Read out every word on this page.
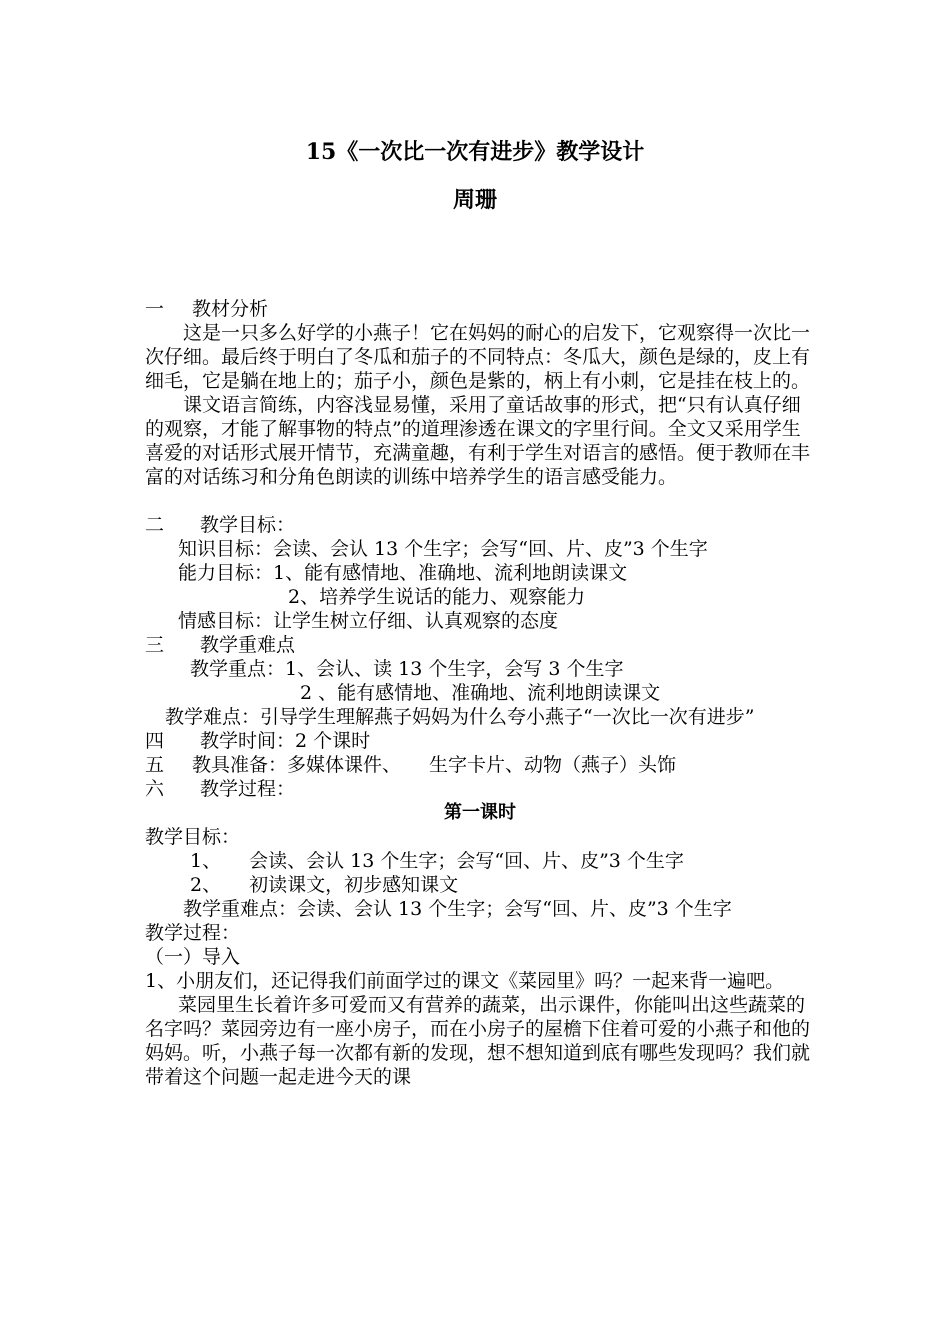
15《一次比一次有进步》教学设计
周珊

一 教材分析

这是一只多么好学的小燕子！它在妈妈的耐心的启发下，它观察得一次比一次仔细。最后终于明白了冬瓜和茄子的不同特点：冬瓜大，颜色是绿的，皮上有细毛，它是躺在地上的；茄子小，颜色是紫的，柄上有小刺，它是挂在枝上的。

课文语言简练，内容浅显易懂，采用了童话故事的形式，把“只有认真仔细的观察，才能了解事物的特点”的道理渗透在课文的字里行间。全文又采用学生喜爱的对话形式展开情节，充满童趣，有利于学生对语言的感悟。便于教师在丰富的对话练习和分角色朗读的训练中培养学生的语言感受能力。

二 教学目标：

知识目标：会读、会认 13 个生字；会写“回、片、皮”3 个生字

能力目标：1、能有感情地、准确地、流利地朗读课文

2、培养学生说话的能力、观察能力

情感目标：让学生树立仔细、认真观察的态度

三 教学重难点

教学重点：1、会认、读 13 个生字，会写 3 个生字

2 、能有感情地、准确地、流利地朗读课文

教学难点：引导学生理解燕子妈妈为什么夸小燕子“一次比一次有进步”

四 教学时间：2 个课时

五 教具准备：多媒体课件、 生字卡片、动物（燕子）头饰

六 教学过程：

第一课时

教学目标：

1、 会读、会认 13 个生字；会写“回、片、皮”3 个生字

2、 初读课文，初步感知课文

教学重难点：会读、会认 13 个生字；会写“回、片、皮”3 个生字

教学过程：

（一）导入

1、小朋友们，还记得我们前面学过的课文《菜园里》吗？一起来背一遍吧。

菜园里生长着许多可爱而又有营养的蔬菜，出示课件，你能叫出这些蔬菜的名字吗？菜园旁边有一座小房子，而在小房子的屋檐下住着可爱的小燕子和他的妈妈。听，小燕子每一次都有新的发现，想不想知道到底有哪些发现吗？我们就带着这个问题一起走进今天的课
